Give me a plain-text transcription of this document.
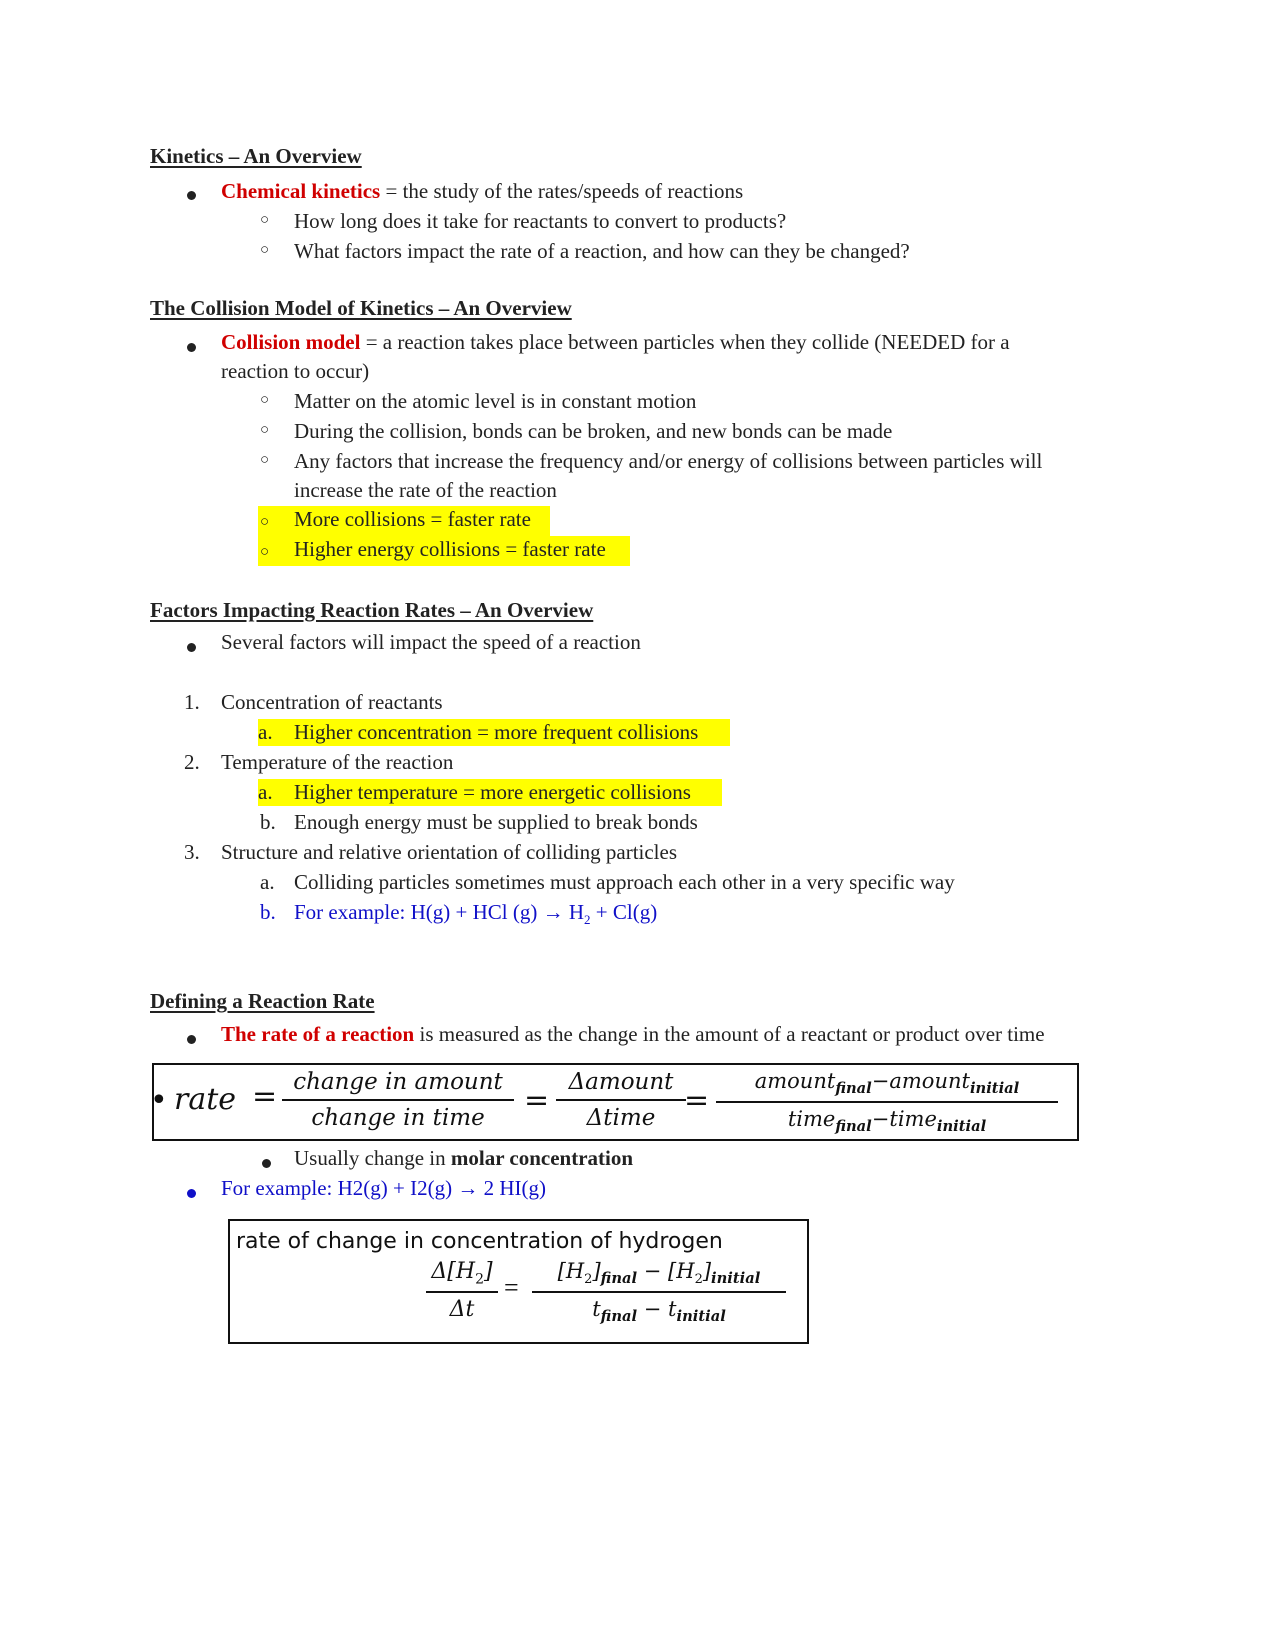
Kinetics – An Overview
Chemical kinetics = the study of the rates/speeds of reactions
○ How long does it take for reactants to convert to products?
○ What factors impact the rate of a reaction, and how can they be changed?
The Collision Model of Kinetics – An Overview
Collision model = a reaction takes place between particles when they collide (NEEDED for a
reaction to occur)
○ Matter on the atomic level is in constant motion
○ During the collision, bonds can be broken, and new bonds can be made
○ Any factors that increase the frequency and/or energy of collisions between particles will
increase the rate of the reaction
○ More collisions = faster rate
○ Higher energy collisions = faster rate
Factors Impacting Reaction Rates – An Overview
Several factors will impact the speed of a reaction
1. Concentration of reactants
a. Higher concentration = more frequent collisions
2. Temperature of the reaction
a. Higher temperature = more energetic collisions
b. Enough energy must be supplied to break bonds
3. Structure and relative orientation of colliding particles
a. Colliding particles sometimes must approach each other in a very specific way
b. For example: H(g) + HCl $(g) \to H_2 + Cl(g)$
Defining a Reaction Rate
The rate of a reaction is measured as the change in the amount of a reactant or product over time
• rate = change in amount
change in time	=
Δamount
Δtime =
amount$_{final}$−amount$_{initial}$
time$_{final}$−time$_{initial}$
Usually change in molar concentration
For example: H2(g) + I2(g) → 2 HI(g)
rate of change in concentration of hydrogen
$\Delta[H_2]$
Δt
=
$[H_2]_{final} - [H_2]_{initial}$
$t_{final} - t_{initial}$
